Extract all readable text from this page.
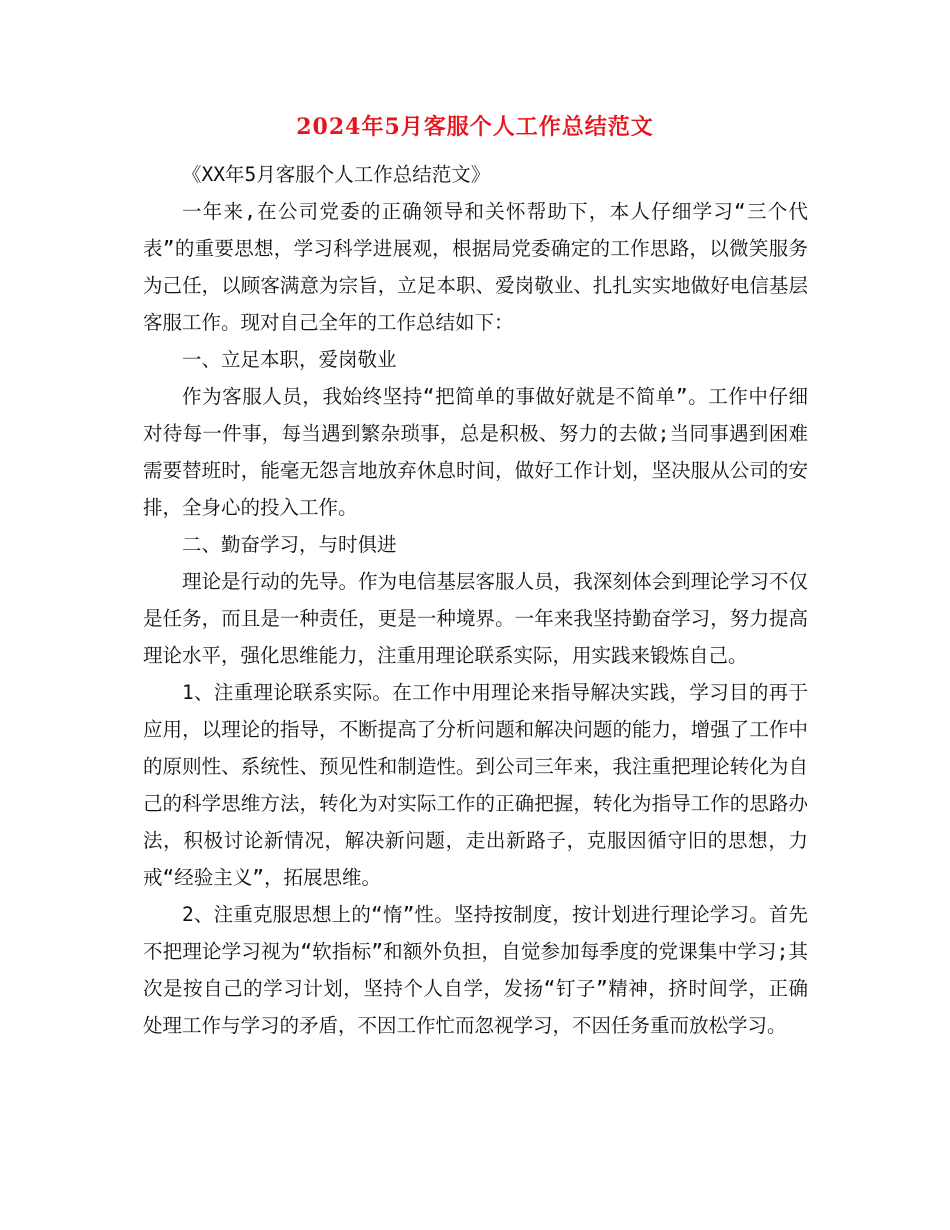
2024年5月客服个人工作总结范文

《XX年5月客服个人工作总结范文》

一年来,在公司党委的正确领导和关怀帮助下，本人仔细学习“三个代表”的重要思想，学习科学进展观，根据局党委确定的工作思路，以微笑服务为己任，以顾客满意为宗旨，立足本职、爱岗敬业、扎扎实实地做好电信基层客服工作。现对自己全年的工作总结如下：

一、立足本职，爱岗敬业

作为客服人员，我始终坚持“把简单的事做好就是不简单”。工作中仔细对待每一件事，每当遇到繁杂琐事，总是积极、努力的去做;当同事遇到困难需要替班时，能毫无怨言地放弃休息时间，做好工作计划，坚决服从公司的安排，全身心的投入工作。

二、勤奋学习，与时俱进

理论是行动的先导。作为电信基层客服人员，我深刻体会到理论学习不仅是任务，而且是一种责任，更是一种境界。一年来我坚持勤奋学习，努力提高理论水平，强化思维能力，注重用理论联系实际，用实践来锻炼自己。

1、注重理论联系实际。在工作中用理论来指导解决实践，学习目的再于应用，以理论的指导，不断提高了分析问题和解决问题的能力，增强了工作中的原则性、系统性、预见性和制造性。到公司三年来，我注重把理论转化为自己的科学思维方法，转化为对实际工作的正确把握，转化为指导工作的思路办法，积极讨论新情况，解决新问题，走出新路子，克服因循守旧的思想，力戒“经验主义”，拓展思维。

2、注重克服思想上的“惰”性。坚持按制度，按计划进行理论学习。首先不把理论学习视为“软指标”和额外负担，自觉参加每季度的党课集中学习;其次是按自己的学习计划，坚持个人自学，发扬“钉子”精神，挤时间学，正确处理工作与学习的矛盾，不因工作忙而忽视学习，不因任务重而放松学习。
